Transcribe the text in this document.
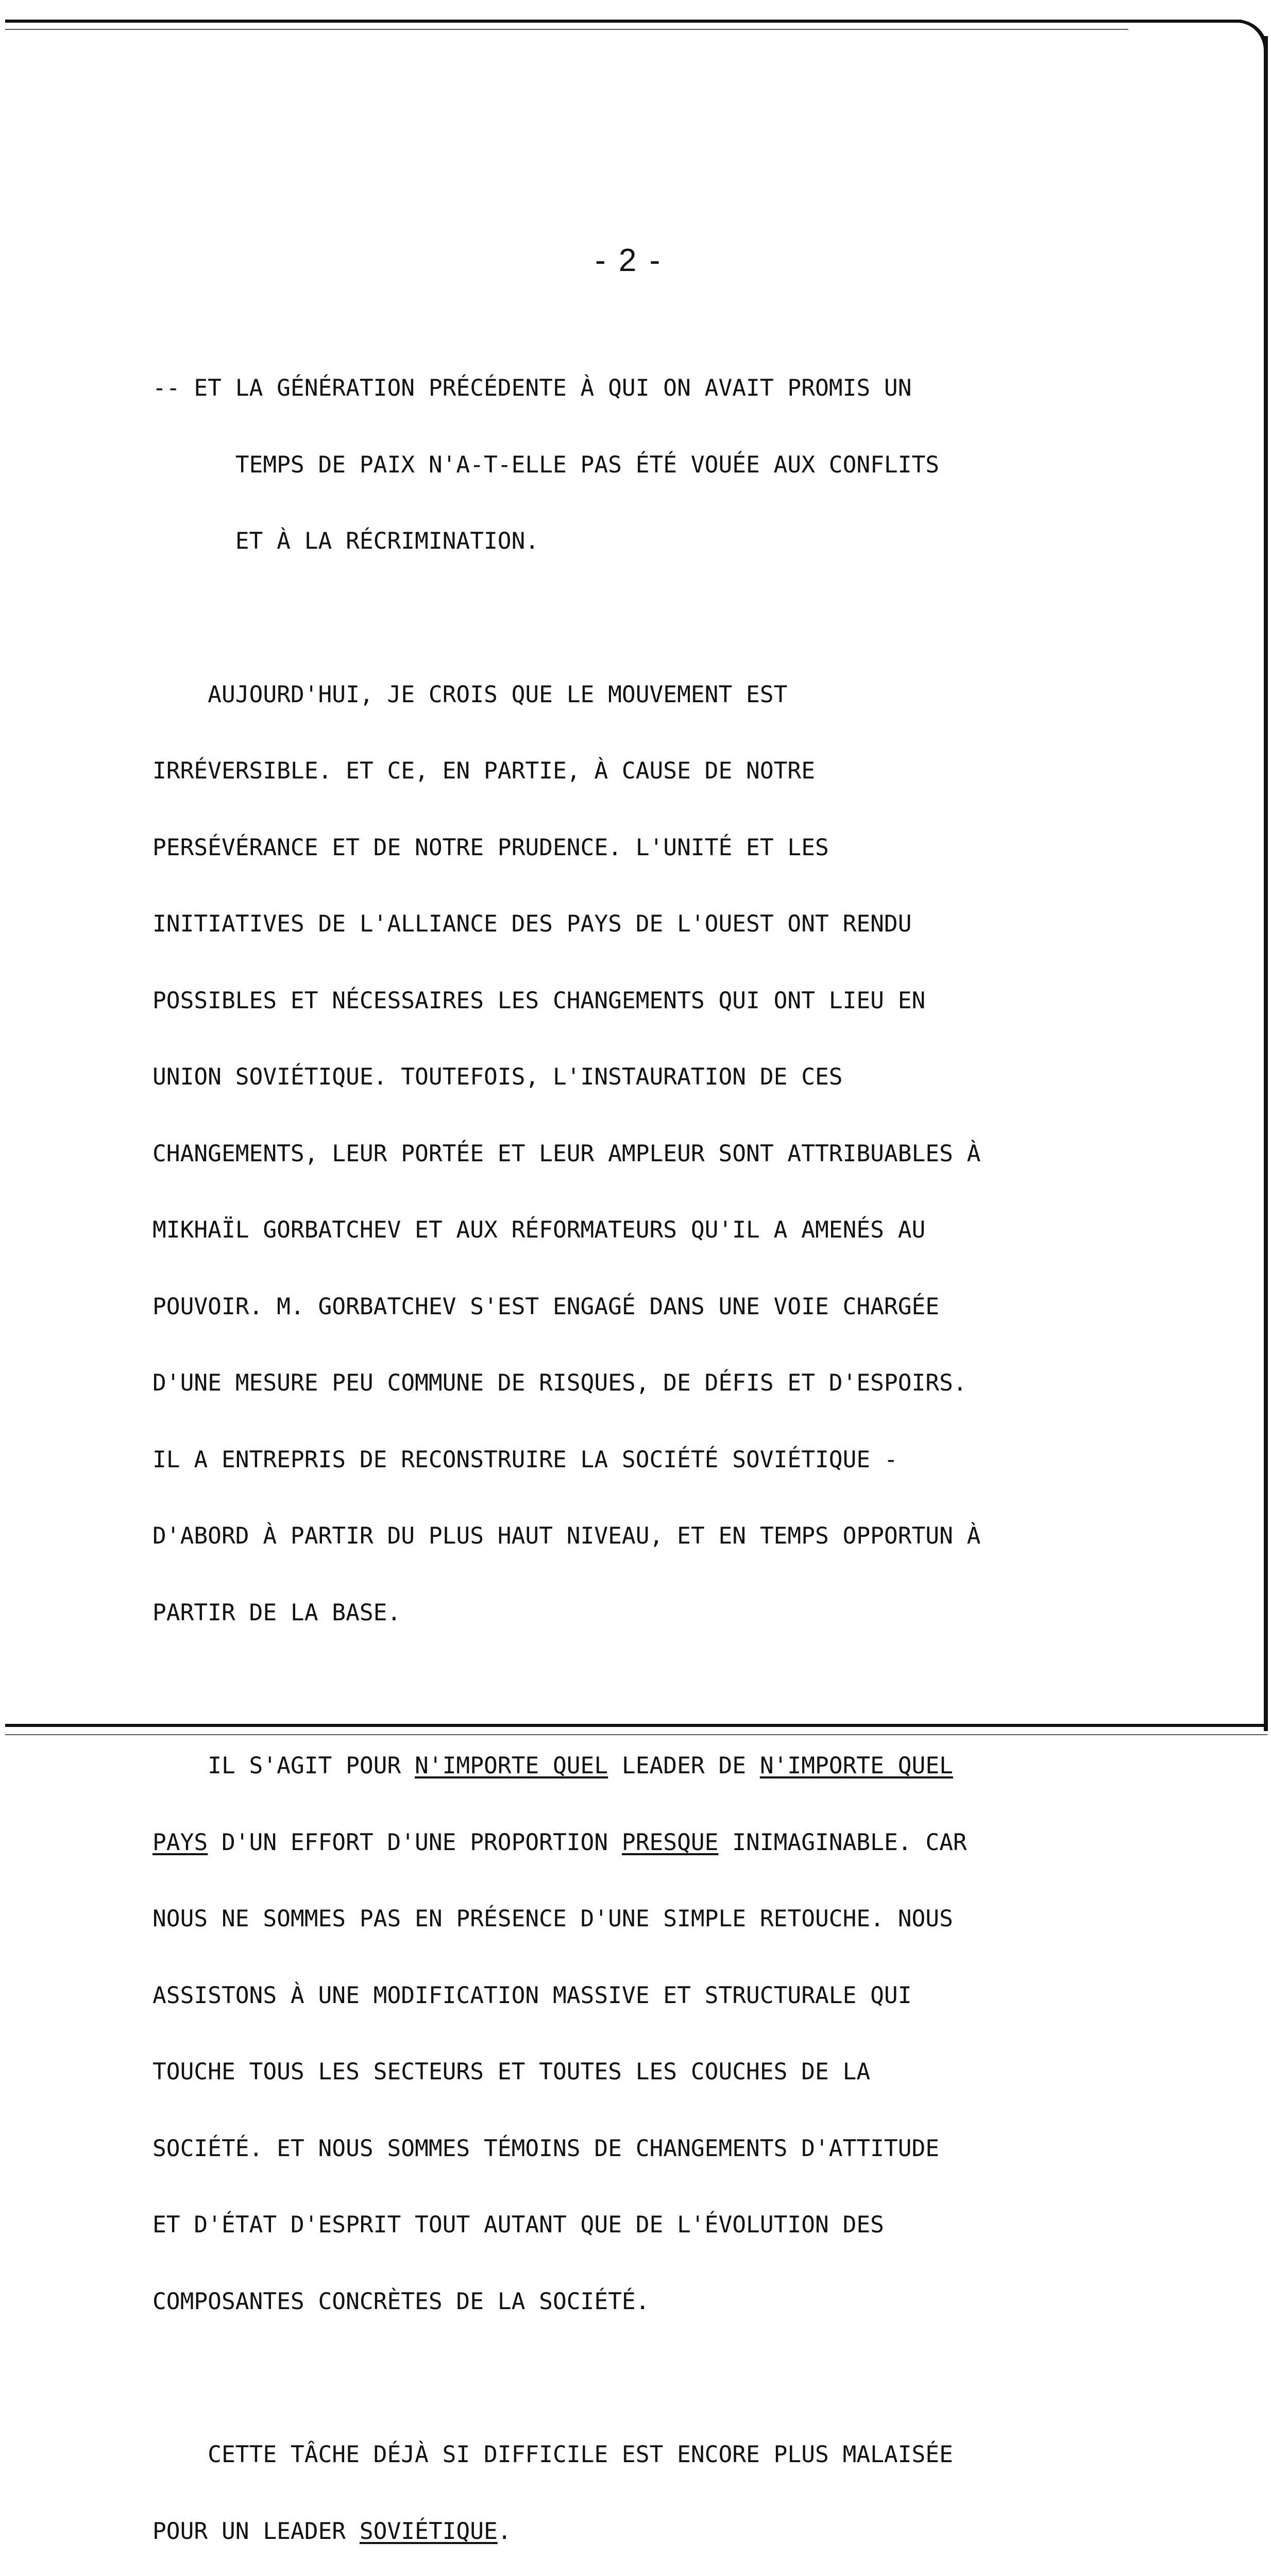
- 2 -

-- ET LA GÉNÉRATION PRÉCÉDENTE À QUI ON AVAIT PROMIS UN

TEMPS DE PAIX N'A-T-ELLE PAS ÉTÉ VOUÉE AUX CONFLITS

ET À LA RÉCRIMINATION.

AUJOURD'HUI, JE CROIS QUE LE MOUVEMENT EST

IRRÉVERSIBLE. ET CE, EN PARTIE, À CAUSE DE NOTRE

PERSÉVÉRANCE ET DE NOTRE PRUDENCE. L'UNITÉ ET LES

INITIATIVES DE L'ALLIANCE DES PAYS DE L'OUEST ONT RENDU

POSSIBLES ET NÉCESSAIRES LES CHANGEMENTS QUI ONT LIEU EN

UNION SOVIÉTIQUE. TOUTEFOIS, L'INSTAURATION DE CES

CHANGEMENTS, LEUR PORTÉE ET LEUR AMPLEUR SONT ATTRIBUABLES À

MIKHAÏL GORBATCHEV ET AUX RÉFORMATEURS QU'IL A AMENÉS AU

POUVOIR. M. GORBATCHEV S'EST ENGAGÉ DANS UNE VOIE CHARGÉE

D'UNE MESURE PEU COMMUNE DE RISQUES, DE DÉFIS ET D'ESPOIRS.

IL A ENTREPRIS DE RECONSTRUIRE LA SOCIÉTÉ SOVIÉTIQUE -

D'ABORD À PARTIR DU PLUS HAUT NIVEAU, ET EN TEMPS OPPORTUN À

PARTIR DE LA BASE.

IL S'AGIT POUR N'IMPORTE QUEL LEADER DE N'IMPORTE QUEL

PAYS D'UN EFFORT D'UNE PROPORTION PRESQUE INIMAGINABLE. CAR

NOUS NE SOMMES PAS EN PRÉSENCE D'UNE SIMPLE RETOUCHE. NOUS

ASSISTONS À UNE MODIFICATION MASSIVE ET STRUCTURALE QUI

TOUCHE TOUS LES SECTEURS ET TOUTES LES COUCHES DE LA

SOCIÉTÉ. ET NOUS SOMMES TÉMOINS DE CHANGEMENTS D'ATTITUDE

ET D'ÉTAT D'ESPRIT TOUT AUTANT QUE DE L'ÉVOLUTION DES

COMPOSANTES CONCRÈTES DE LA SOCIÉTÉ.

CETTE TÂCHE DÉJÀ SI DIFFICILE EST ENCORE PLUS MALAISÉE

POUR UN LEADER SOVIÉTIQUE.
